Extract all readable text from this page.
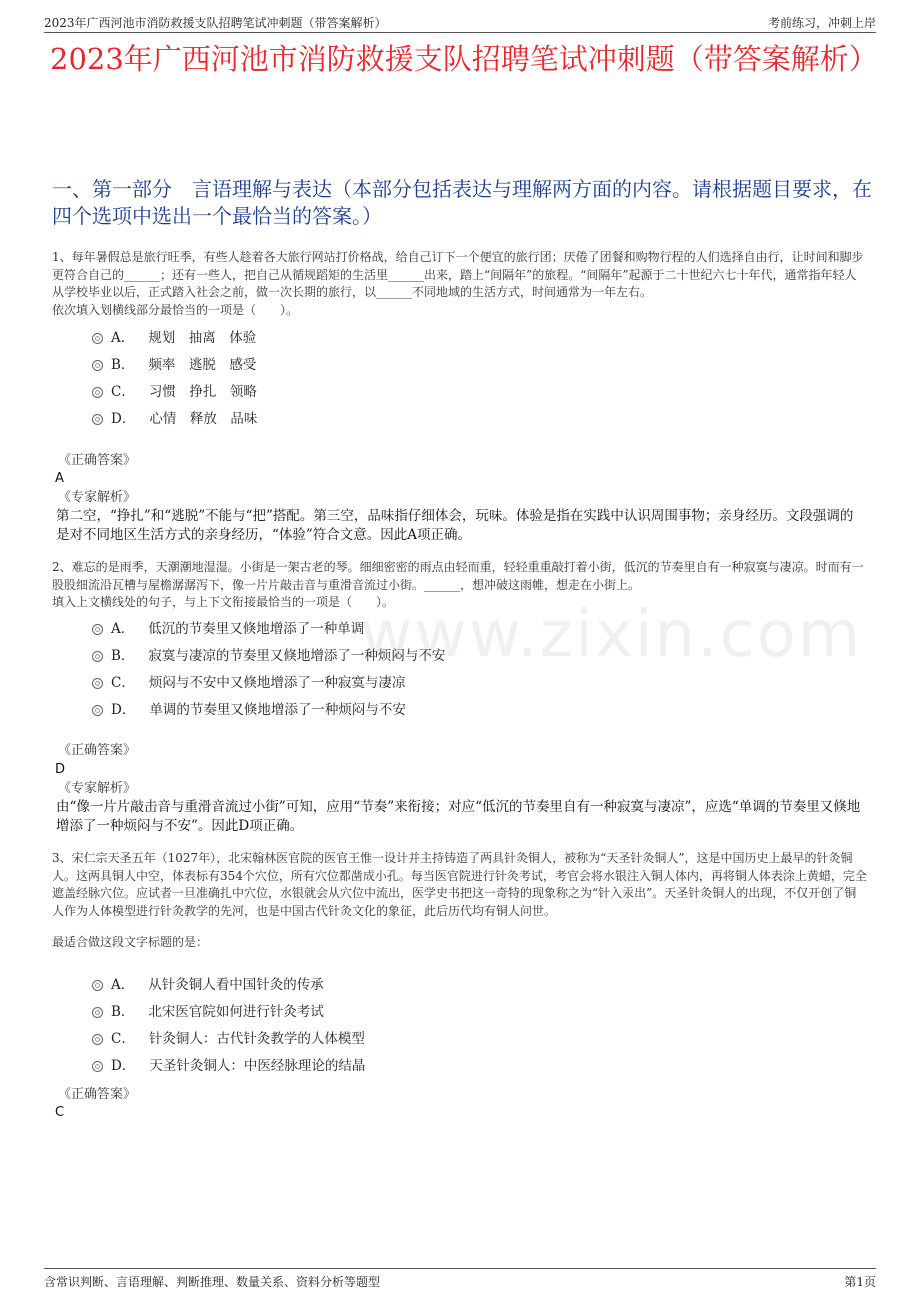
2023年广西河池市消防救援支队招聘笔试冲刺题（带答案解析）	考前练习，冲刺上岸
2023年广西河池市消防救援支队招聘笔试冲刺题（带答案解析）
一、第一部分　言语理解与表达（本部分包括表达与理解两方面的内容。请根据题目要求，在四个选项中选出一个最恰当的答案。）
www.zixin.com
1、每年暑假总是旅行旺季，有些人趁着各大旅行网站打价格战，给自己订下一个便宜的旅行团；厌倦了团餐和购物行程的人们选择自由行，让时间和脚步更符合自己的______；还有一些人，把自己从循规蹈矩的生活里______出来，踏上“间隔年”的旅程。“间隔年”起源于二十世纪六七十年代，通常指年轻人从学校毕业以后，正式踏入社会之前，做一次长期的旅行，以______不同地域的生活方式，时间通常为一年左右。
依次填入划横线部分最恰当的一项是（　　）。
A． 规划　抽离　体验
B． 频率　逃脱　感受
C． 习惯　挣扎　领略
D． 心情　释放　品味
《正确答案》
A
《专家解析》
第二空，“挣扎”和“逃脱”不能与“把”搭配。第三空，品味指仔细体会，玩味。体验是指在实践中认识周围事物；亲身经历。文段强调的是对不同地区生活方式的亲身经历，“体验”符合文意。因此A项正确。
2、难忘的是雨季，天潮潮地湿湿。小街是一架古老的琴。细细密密的雨点由轻而重，轻轻重重敲打着小街，低沉的节奏里自有一种寂寞与凄凉。时而有一股股细流沿瓦槽与屋檐潺潺泻下，像一片片敲击音与重滑音流过小街。______，想冲破这雨帷，想走在小街上。
填入上文横线处的句子，与上下文衔接最恰当的一项是（　　）。
A． 低沉的节奏里又倏地增添了一种单调
B． 寂寞与凄凉的节奏里又倏地增添了一种烦闷与不安
C． 烦闷与不安中又倏地增添了一种寂寞与凄凉
D． 单调的节奏里又倏地增添了一种烦闷与不安
《正确答案》
D
《专家解析》
由“像一片片敲击音与重滑音流过小街”可知，应用“节奏”来衔接；对应“低沉的节奏里自有一种寂寞与凄凉”，应选“单调的节奏里又倏地增添了一种烦闷与不安”。因此D项正确。
3、宋仁宗天圣五年（1027年），北宋翰林医官院的医官王惟一设计并主持铸造了两具针灸铜人，被称为“天圣针灸铜人”，这是中国历史上最早的针灸铜人。这两具铜人中空，体表标有354个穴位，所有穴位都凿成小孔。每当医官院进行针灸考试，考官会将水银注入铜人体内，再将铜人体表涂上黄蜡，完全遮盖经脉穴位。应试者一旦准确扎中穴位，水银就会从穴位中流出，医学史书把这一奇特的现象称之为“针入汞出”。天圣针灸铜人的出现，不仅开创了铜人作为人体模型进行针灸教学的先河，也是中国古代针灸文化的象征，此后历代均有铜人问世。
最适合做这段文字标题的是：
A． 从针灸铜人看中国针灸的传承
B． 北宋医官院如何进行针灸考试
C． 针灸铜人：古代针灸教学的人体模型
D． 天圣针灸铜人：中医经脉理论的结晶
《正确答案》
C
含常识判断、言语理解、判断推理、数量关系、资料分析等题型	第1页
